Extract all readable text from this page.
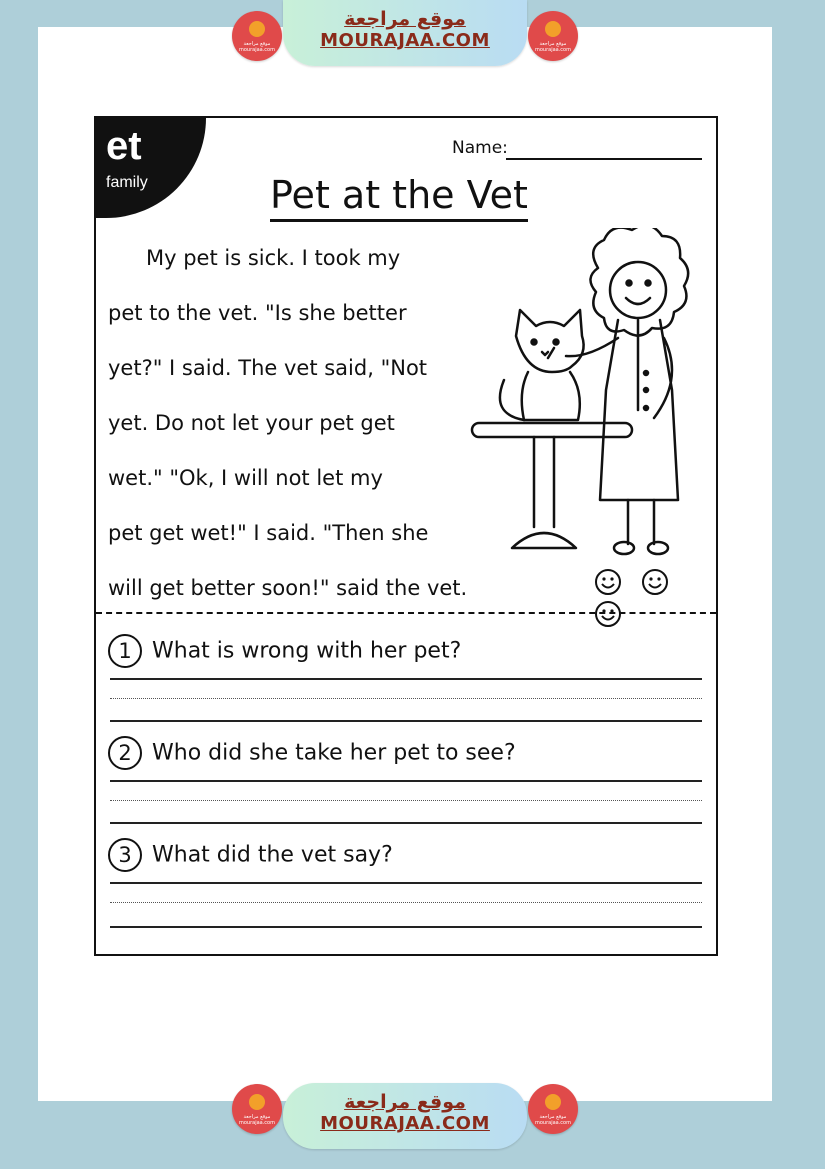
موقع مراجعة mourajaa.com
موقع مراجعة
MOURAJAA.COM	موقع مراجعة mourajaa.com
et
family
Name:
Pet at the Vet
My pet is sick. I took my
pet to the vet. "Is she better
yet?" I said. The vet said, "Not
yet. Do not let your pet get
wet." "Ok, I will not let my
pet get wet!" I said. "Then she
will get better soon!" said the vet.

1 What is wrong with her pet?
2 Who did she take her pet to see?
3 What did the vet say?
موقع مراجعة mourajaa.com
موقع مراجعة
MOURAJAA.COM	موقع مراجعة mourajaa.com
